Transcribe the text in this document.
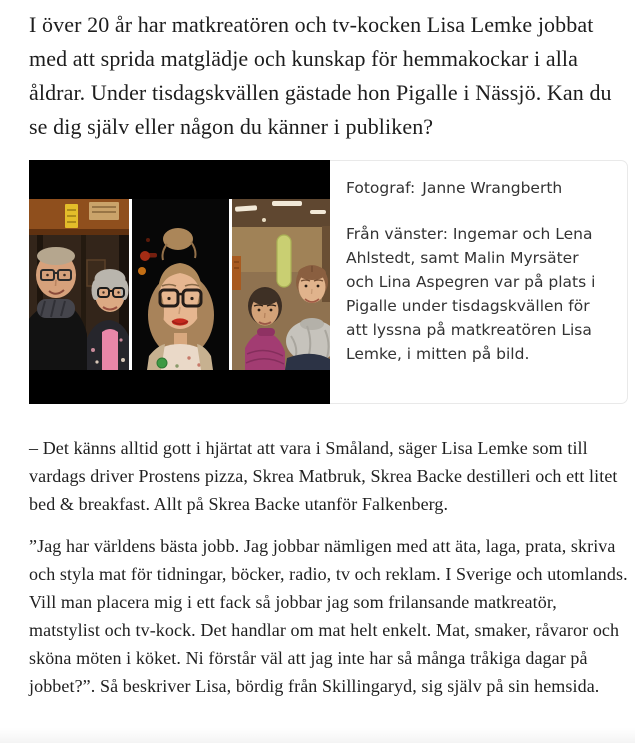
I över 20 år har matkreatören och tv-kocken Lisa Lemke jobbat med att sprida matglädje och kunskap för hemmakockar i alla åldrar. Under tisdagskvällen gästade hon Pigalle i Nässjö. Kan du se dig själv eller någon du känner i publiken?

Fotograf: Janne Wrangberth

Från vänster: Ingemar och Lena Ahlstedt, samt Malin Myrsäter och Lina Aspegren var på plats i Pigalle under tisdagskvällen för att lyssna på matkreatören Lisa Lemke, i mitten på bild.

– Det känns alltid gott i hjärtat att vara i Småland, säger Lisa Lemke som till vardags driver Prostens pizza, Skrea Matbruk, Skrea Backe destilleri och ett litet bed & breakfast. Allt på Skrea Backe utanför Falkenberg.

”Jag har världens bästa jobb. Jag jobbar nämligen med att äta, laga, prata, skriva och styla mat för tidningar, böcker, radio, tv och reklam. I Sverige och utomlands. Vill man placera mig i ett fack så jobbar jag som frilansande matkreatör, matstylist och tv-kock. Det handlar om mat helt enkelt. Mat, smaker, råvaror och sköna möten i köket. Ni förstår väl att jag inte har så många tråkiga dagar på jobbet?”. Så beskriver Lisa, bördig från Skillingaryd, sig själv på sin hemsida.
